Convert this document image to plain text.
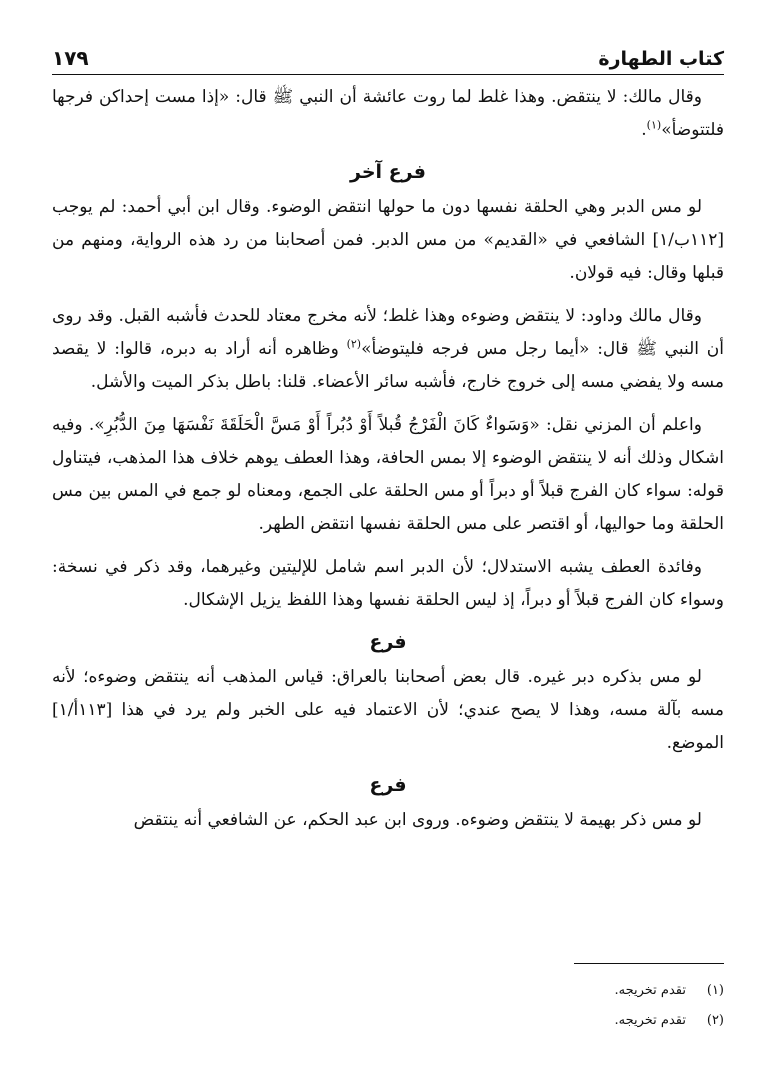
كتاب الطهارة
١٧٩

وقال مالك: لا ينتقض. وهذا غلط لما روت عائشة أن النبي ﷺ قال: «إذا مست إحداكن فرجها فلتتوضأ»$^{(١)}$.

فرع آخر

لو مس الدبر وهي الحلقة نفسها دون ما حولها انتقض الوضوء. وقال ابن أبي أحمد: لم يوجب [١١٢ب/١] الشافعي في «القديم» من مس الدبر. فمن أصحابنا من رد هذه الرواية، ومنهم من قبلها وقال: فيه قولان.

وقال مالك وداود: لا ينتقض وضوءه وهذا غلط؛ لأنه مخرج معتاد للحدث فأشبه القبل. وقد روى أن النبي ﷺ قال: «أيما رجل مس فرجه فليتوضأ»$^{(٢)}$ وظاهره أنه أراد به دبره، قالوا: لا يقصد مسه ولا يفضي مسه إلى خروج خارج، فأشبه سائر الأعضاء. قلنا: باطل بذكر الميت والأشل.

واعلم أن المزني نقل: «وَسَواءٌ كَانَ الْفَرْجُ قُبلاً أَوْ دُبُراً أَوْ مَسَّ الْحَلَقَةَ نَفْسَهَا مِنَ الدُّبُرِ». وفيه اشكال وذلك أنه لا ينتقض الوضوء إلا بمس الحافة، وهذا العطف يوهم خلاف هذا المذهب، فيتناول قوله: سواء كان الفرج قبلاً أو دبراً أو مس الحلقة على الجمع، ومعناه لو جمع في المس بين مس الحلقة وما حواليها، أو اقتصر على مس الحلقة نفسها انتقض الطهر.

وفائدة العطف يشبه الاستدلال؛ لأن الدبر اسم شامل للإليتين وغيرهما، وقد ذكر في نسخة: وسواء كان الفرج قبلاً أو دبراً، إذ ليس الحلقة نفسها وهذا اللفظ يزيل الإشكال.

فرع

لو مس بذكره دبر غيره. قال بعض أصحابنا بالعراق: قياس المذهب أنه ينتقض وضوءه؛ لأنه مسه بآلة مسه، وهذا لا يصح عندي؛ لأن الاعتماد فيه على الخبر ولم يرد في هذا [١١٣أ/١] الموضع.

فرع

لو مس ذكر بهيمة لا ينتقض وضوءه. وروى ابن عبد الحكم، عن الشافعي أنه ينتقض

(١)
تقدم تخريجه.
(٢)
تقدم تخريجه.
